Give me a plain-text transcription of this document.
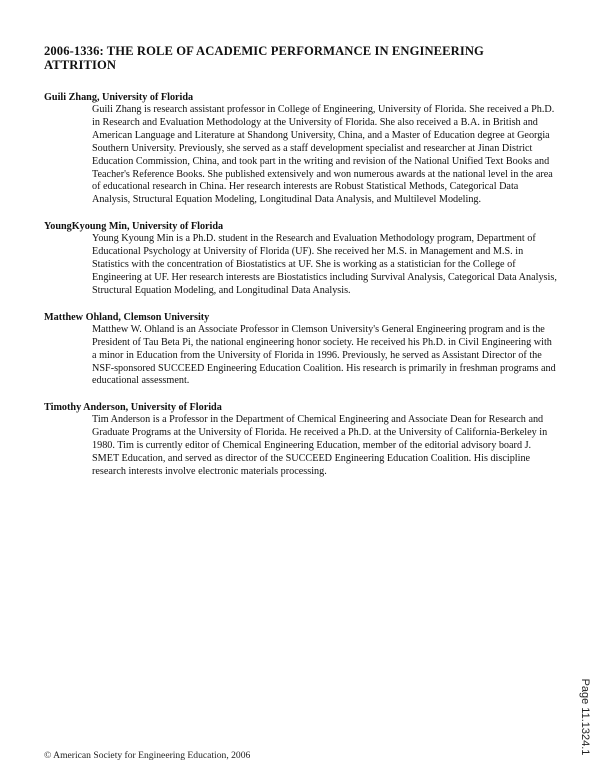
2006-1336: THE ROLE OF ACADEMIC PERFORMANCE IN ENGINEERING ATTRITION

Guili Zhang, University of Florida

Guili Zhang is research assistant professor in College of Engineering, University of Florida. She received a Ph.D. in Research and Evaluation Methodology at the University of Florida. She also received a B.A. in British and American Language and Literature at Shandong University, China, and a Master of Education degree at Georgia Southern University. Previously, she served as a staff development specialist and researcher at Jinan District Education Commission, China, and took part in the writing and revision of the National Unified Text Books and Teacher's Reference Books. She published extensively and won numerous awards at the national level in the area of educational research in China. Her research interests are Robust Statistical Methods, Categorical Data Analysis, Structural Equation Modeling, Longitudinal Data Analysis, and Multilevel Modeling.

YoungKyoung Min, University of Florida

Young Kyoung Min is a Ph.D. student in the Research and Evaluation Methodology program, Department of Educational Psychology at University of Florida (UF). She received her M.S. in Management and M.S. in Statistics with the concentration of Biostatistics at UF. She is working as a statistician for the College of Engineering at UF. Her research interests are Biostatistics including Survival Analysis, Categorical Data Analysis, Structural Equation Modeling, and Longitudinal Data Analysis.

Matthew Ohland, Clemson University

Matthew W. Ohland is an Associate Professor in Clemson University's General Engineering program and is the President of Tau Beta Pi, the national engineering honor society. He received his Ph.D. in Civil Engineering with a minor in Education from the University of Florida in 1996. Previously, he served as Assistant Director of the NSF-sponsored SUCCEED Engineering Education Coalition. His research is primarily in freshman programs and educational assessment.

Timothy Anderson, University of Florida

Tim Anderson is a Professor in the Department of Chemical Engineering and Associate Dean for Research and Graduate Programs at the University of Florida. He received a Ph.D. at the University of California-Berkeley in 1980. Tim is currently editor of Chemical Engineering Education, member of the editorial advisory board J. SMET Education, and served as director of the SUCCEED Engineering Education Coalition. His discipline research interests involve electronic materials processing.

Page 11.1324.1
© American Society for Engineering Education, 2006
